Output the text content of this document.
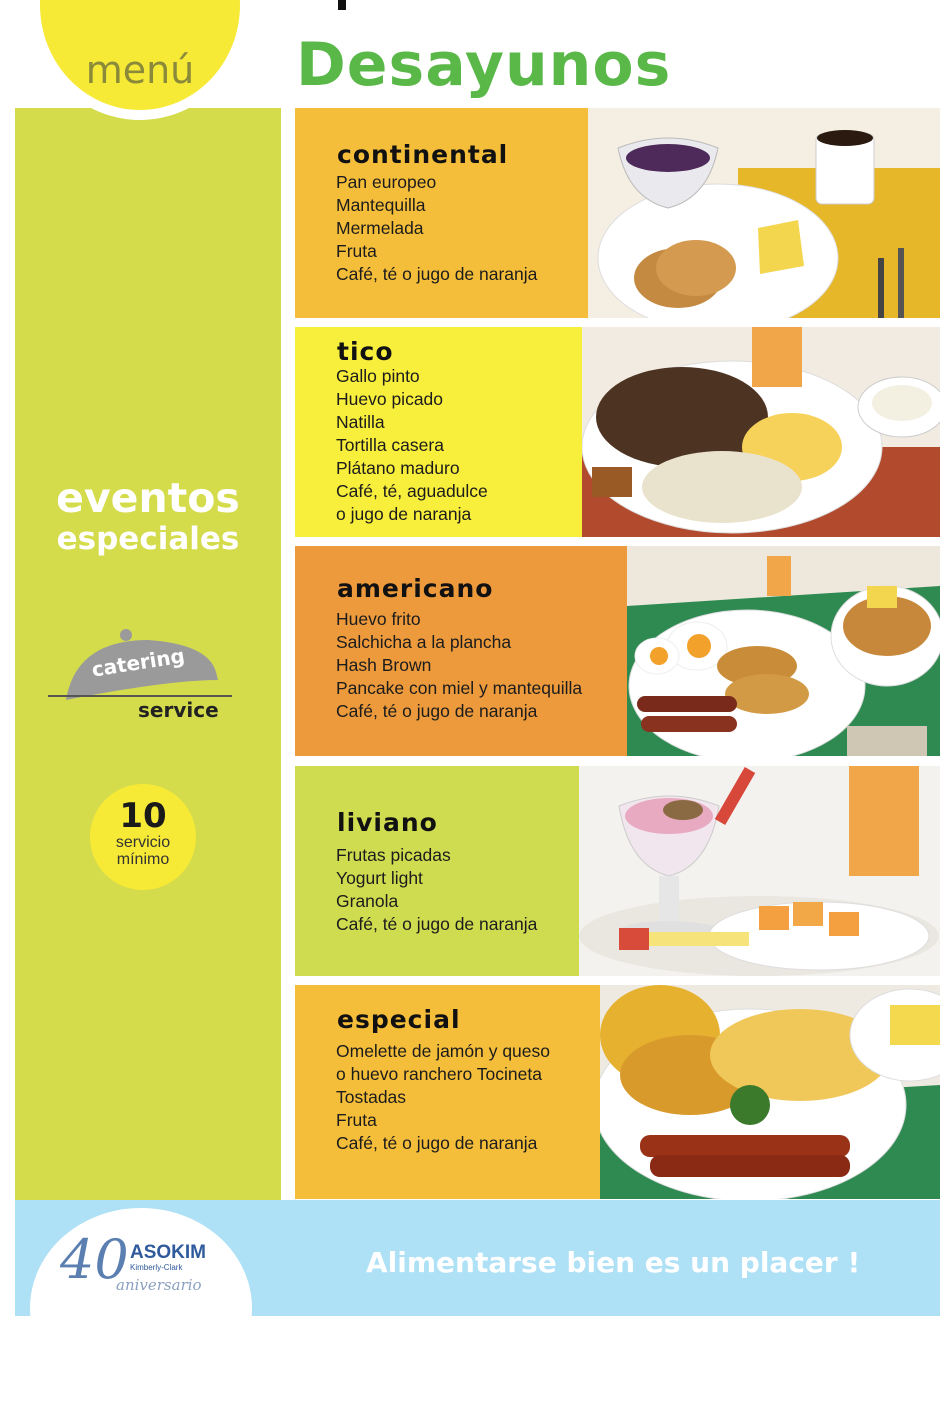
menú
eventos
especiales
catering
service
10
servicio mínimo
Desayunos
continental
Pan europeo
Mantequilla
Mermelada
Fruta
Café, té o jugo de naranja
tico
Gallo pinto
Huevo picado
Natilla
Tortilla casera
Plátano maduro
Café, té, aguadulce
o jugo de naranja
americano
Huevo frito
Salchicha a la plancha
Hash Brown
Pancake con miel y mantequilla
Café, té o jugo de naranja
liviano
Frutas picadas
Yogurt light
Granola
Café, té o jugo de naranja
especial
Omelette de jamón y queso
o huevo ranchero Tocineta
Tostadas
Fruta
Café, té o jugo de naranja
40 ASOKIM
Kimberly-Clark
aniversario
Alimentarse bien es un placer !
